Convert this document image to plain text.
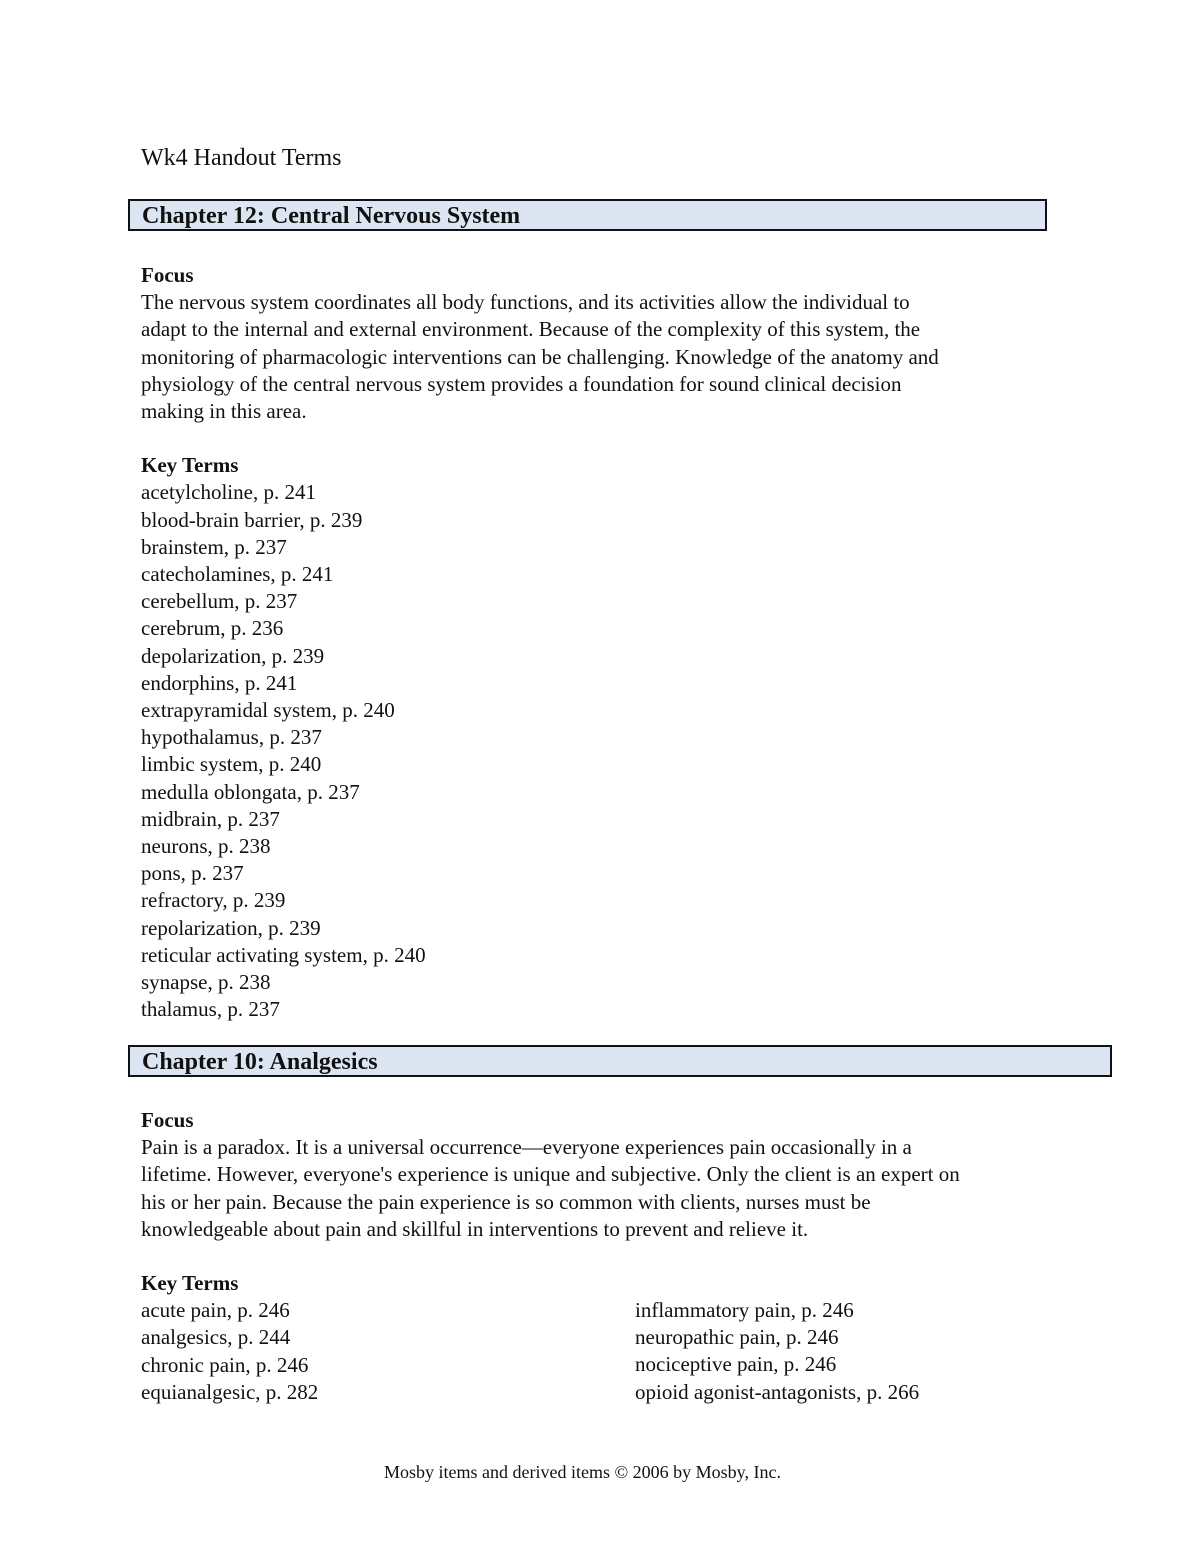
Wk4 Handout Terms
Chapter 12: Central Nervous System
Focus
The nervous system coordinates all body functions, and its activities allow the individual to
adapt to the internal and external environment. Because of the complexity of this system, the
monitoring of pharmacologic interventions can be challenging. Knowledge of the anatomy and
physiology of the central nervous system provides a foundation for sound clinical decision
making in this area.
Key Terms
acetylcholine, p. 241
blood-brain barrier, p. 239
brainstem, p. 237
catecholamines, p. 241
cerebellum, p. 237
cerebrum, p. 236
depolarization, p. 239
endorphins, p. 241
extrapyramidal system, p. 240
hypothalamus, p. 237
limbic system, p. 240
medulla oblongata, p. 237
midbrain, p. 237
neurons, p. 238
pons, p. 237
refractory, p. 239
repolarization, p. 239
reticular activating system, p. 240
synapse, p. 238
thalamus, p. 237
Chapter 10: Analgesics
Focus
Pain is a paradox. It is a universal occurrence—everyone experiences pain occasionally in a
lifetime. However, everyone's experience is unique and subjective. Only the client is an expert on
his or her pain. Because the pain experience is so common with clients, nurses must be
knowledgeable about pain and skillful in interventions to prevent and relieve it.
Key Terms
acute pain, p. 246
analgesics, p. 244
chronic pain, p. 246
equianalgesic, p. 282
inflammatory pain, p. 246
neuropathic pain, p. 246
nociceptive pain, p. 246
opioid agonist-antagonists, p. 266
Mosby items and derived items © 2006 by Mosby, Inc.
